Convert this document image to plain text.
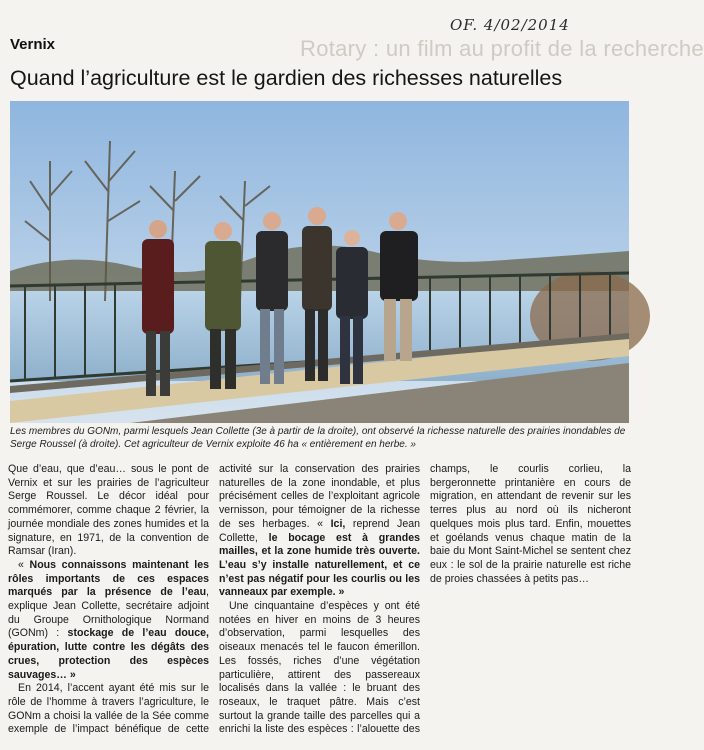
Rotary : un film au profit de la recherche
OF. 4/02/2014
Vernix
Quand l’agriculture est le gardien des richesses naturelles

Les membres du GONm, parmi lesquels Jean Collette (3e à partir de la droite), ont observé la richesse naturelle des prairies inondables de Serge Roussel (à droite). Cet agriculteur de Vernix exploite 46 ha « entièrement en herbe. »

Que d’eau, que d’eau… sous le pont de Vernix et sur les prairies de l’agriculteur Serge Roussel. Le décor idéal pour commémorer, comme chaque 2 février, la journée mondiale des zones humides et la signature, en 1971, de la convention de Ramsar (Iran).

« Nous connaissons maintenant les rôles importants de ces espaces marqués par la présence de l’eau, explique Jean Collette, secrétaire adjoint du Groupe Ornithologique Normand (GONm) : stockage de l’eau douce, épuration, lutte contre les dégâts des crues, protection des espèces sauvages… »

En 2014, l’accent ayant été mis sur le rôle de l’homme à travers l’agriculture, le GONm a choisi la vallée de la Sée comme exemple de l’impact bénéfique de cette activité sur la conservation des prairies naturelles de la zone inondable, et plus précisément celles de l’exploitant agricole vernisson, pour témoigner de la richesse de ses herbages. « Ici, reprend Jean Collette, le bocage est à grandes mailles, et la zone humide très ouverte. L’eau s’y installe naturellement, et ce n’est pas négatif pour les courlis ou les vanneaux par exemple. »

Une cinquantaine d’espèces y ont été notées en hiver en moins de 3 heures d’observation, parmi lesquelles des oiseaux menacés tel le faucon émerillon. Les fossés, riches d’une végétation particulière, attirent des passereaux localisés dans la vallée : le bruant des roseaux, le traquet pâtre. Mais c’est surtout la grande taille des parcelles qui a enrichi la liste des espèces : l’alouette des champs, le courlis corlieu, la bergeronnette printanière en cours de migration, en attendant de revenir sur les terres plus au nord où ils nicheront quelques mois plus tard. Enfin, mouettes et goélands venus chaque matin de la baie du Mont Saint-Michel se sentent chez eux : le sol de la prairie naturelle est riche de proies chassées à petits pas…
